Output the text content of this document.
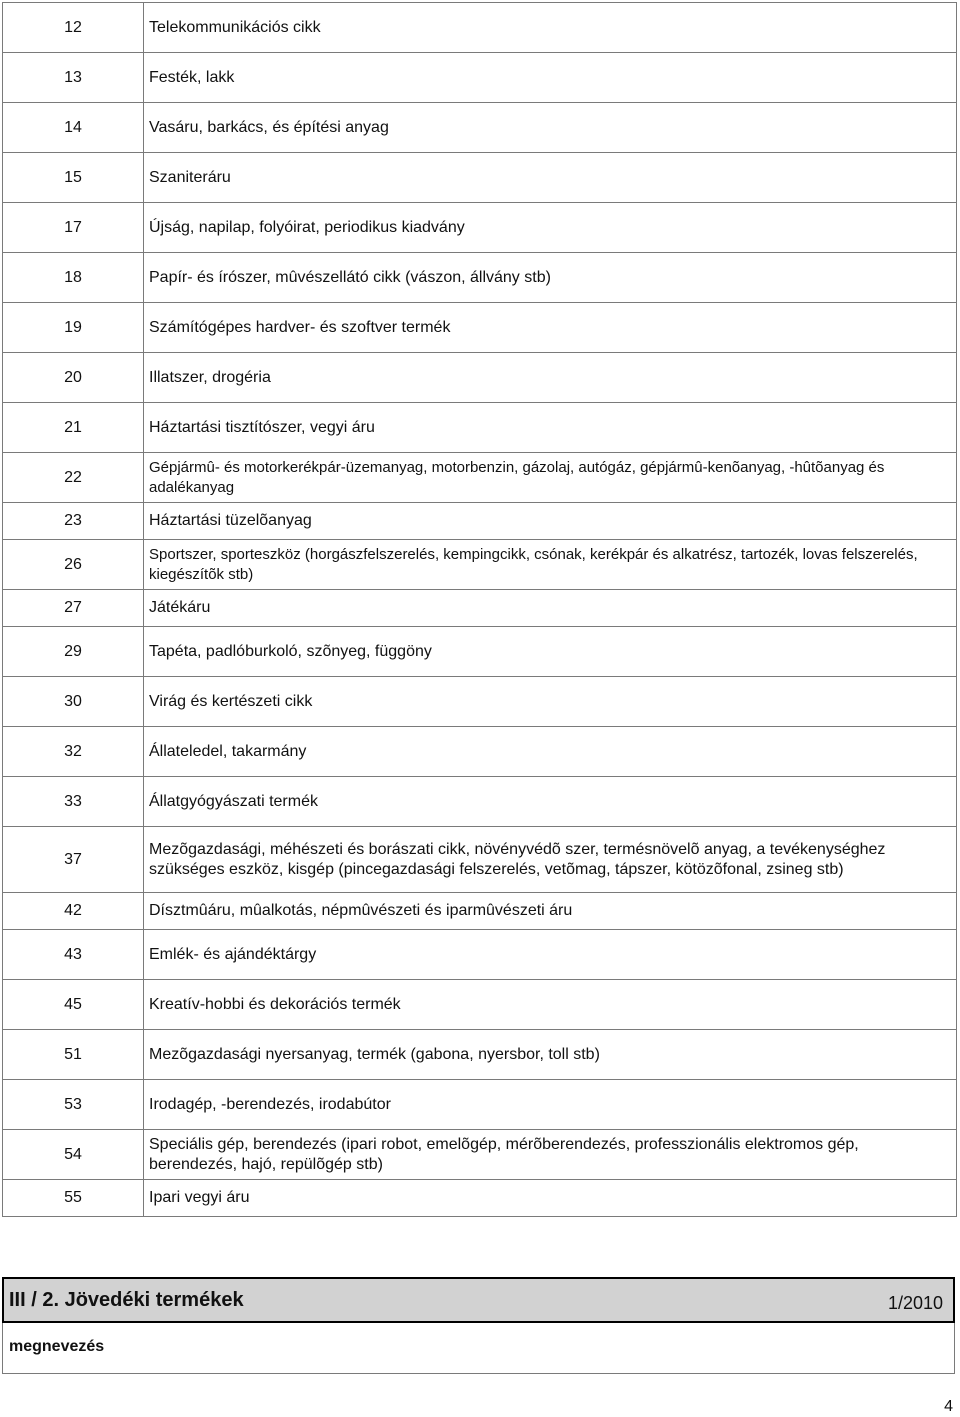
12	Telekommunikációs cikk
13	Festék, lakk
14	Vasáru, barkács, és építési anyag
15	Szaniteráru
17	Újság, napilap, folyóirat, periodikus kiadvány
18	Papír- és írószer, mûvészellátó cikk (vászon, állvány stb)
19	Számítógépes hardver- és szoftver termék
20	Illatszer, drogéria
21	Háztartási tisztítószer, vegyi áru
22	Gépjármû- és motorkerékpár-üzemanyag, motorbenzin, gázolaj, autógáz, gépjármû-kenõanyag, -hûtõanyag és adalékanyag
23	Háztartási tüzelõanyag
26	Sportszer, sporteszköz (horgászfelszerelés, kempingcikk, csónak, kerékpár és alkatrész, tartozék, lovas felszerelés, kiegészítõk stb)
27	Játékáru
29	Tapéta, padlóburkoló, szõnyeg, függöny
30	Virág és kertészeti cikk
32	Állateledel, takarmány
33	Állatgyógyászati termék
37	Mezõgazdasági, méhészeti és borászati cikk, növényvédõ szer, termésnövelõ anyag, a tevékenységhez szükséges eszköz, kisgép (pincegazdasági felszerelés, vetõmag, tápszer, kötözõfonal, zsineg stb)
42	Dísztmûáru, mûalkotás, népmûvészeti és iparmûvészeti áru
43	Emlék- és ajándéktárgy
45	Kreatív-hobbi és dekorációs termék
51	Mezõgazdasági nyersanyag, termék (gabona, nyersbor, toll stb)
53	Irodagép, -berendezés, irodabútor
54	Speciális gép, berendezés (ipari robot, emelõgép, mérõberendezés, professzionális elektromos gép, berendezés, hajó, repülõgép stb)
55	Ipari vegyi áru
III / 2. Jövedéki termékek	1/2010
megnevezés
4
